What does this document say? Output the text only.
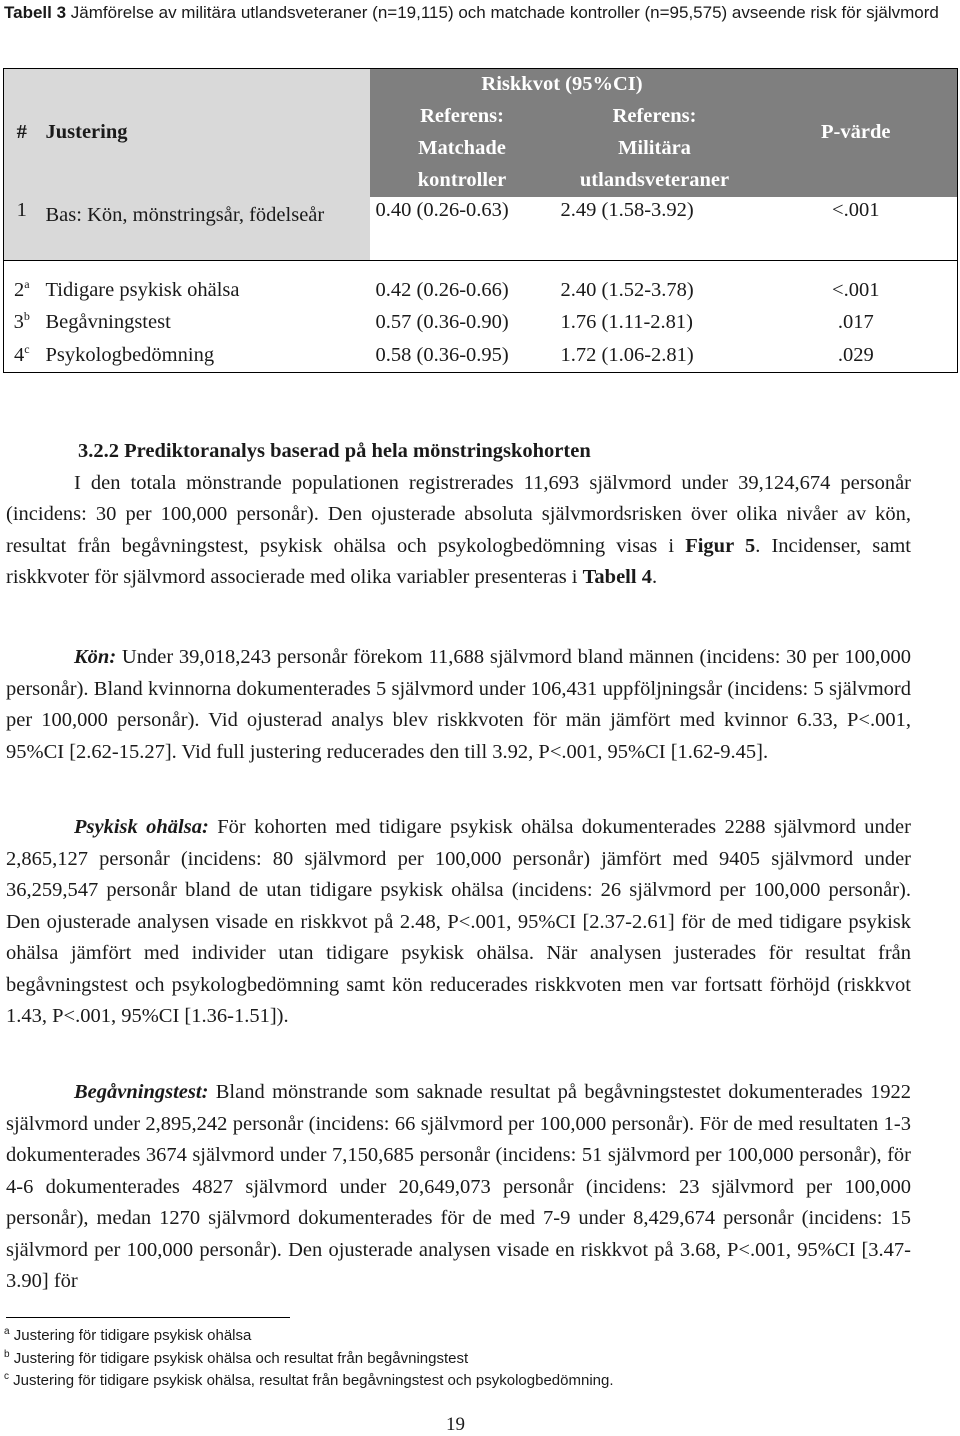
Tabell 3 Jämförelse av militära utlandsveteraner (n=19,115) och matchade kontroller (n=95,575) avseende risk för självmord

#	Justering	Riskkvot (95%CI)		P-värde
		Referens:	Referens:	
		Matchade	Militära	
		kontroller	utlandsveteraner	
1	Bas: Kön, mönstringsår, födelseår	0.40 (0.26-0.63)	2.49 (1.58-3.92)	<.001

2$^a$	Tidigare psykisk ohälsa	0.42 (0.26-0.66)	2.40 (1.52-3.78)	<.001
3$^b$	Begåvningstest	0.57 (0.36-0.90)	1.76 (1.11-2.81)	.017
4$^c$	Psykologbedömning	0.58 (0.36-0.95)	1.72 (1.06-2.81)	.029
3.2.2 Prediktoranalys baserad på hela mönstringskohorten
I den totala mönstrande populationen registrerades 11,693 självmord under 39,124,674 personår (incidens: 30 per 100,000 personår). Den ojusterade absoluta självmordsrisken över olika nivåer av kön, resultat från begåvningstest, psykisk ohälsa och psykologbedömning visas i Figur 5. Incidenser, samt riskkvoter för självmord associerade med olika variabler presenteras i Tabell 4.
Kön: Under 39,018,243 personår förekom 11,688 självmord bland männen (incidens: 30 per 100,000 personår). Bland kvinnorna dokumenterades 5 självmord under 106,431 uppföljningsår (incidens: 5 självmord per 100,000 personår). Vid ojusterad analys blev riskkvoten för män jämfört med kvinnor 6.33, P<.001, 95%CI [2.62-15.27]. Vid full justering reducerades den till 3.92, P<.001, 95%CI [1.62-9.45].
Psykisk ohälsa: För kohorten med tidigare psykisk ohälsa dokumenterades 2288 självmord under 2,865,127 personår (incidens: 80 självmord per 100,000 personår) jämfört med 9405 självmord under 36,259,547 personår bland de utan tidigare psykisk ohälsa (incidens: 26 självmord per 100,000 personår). Den ojusterade analysen visade en riskkvot på 2.48, P<.001, 95%CI [2.37-2.61] för de med tidigare psykisk ohälsa jämfört med individer utan tidigare psykisk ohälsa. När analysen justerades för resultat från begåvningstest och psykologbedömning samt kön reducerades riskkvoten men var fortsatt förhöjd (riskkvot 1.43, P<.001, 95%CI [1.36-1.51]).
Begåvningstest: Bland mönstrande som saknade resultat på begåvningstestet dokumenterades 1922 självmord under 2,895,242 personår (incidens: 66 självmord per 100,000 personår). För de med resultaten 1-3 dokumenterades 3674 självmord under 7,150,685 personår (incidens: 51 självmord per 100,000 personår), för 4-6 dokumenterades 4827 självmord under 20,649,073 personår (incidens: 23 självmord per 100,000 personår), medan 1270 självmord dokumenterades för de med 7-9 under 8,429,674 personår (incidens: 15 självmord per 100,000 personår). Den ojusterade analysen visade en riskkvot på 3.68, P<.001, 95%CI [3.47-3.90] för
$^a$ Justering för tidigare psykisk ohälsa
$^b$ Justering för tidigare psykisk ohälsa och resultat från begåvningstest
$^c$ Justering för tidigare psykisk ohälsa, resultat från begåvningstest och psykologbedömning.
19
